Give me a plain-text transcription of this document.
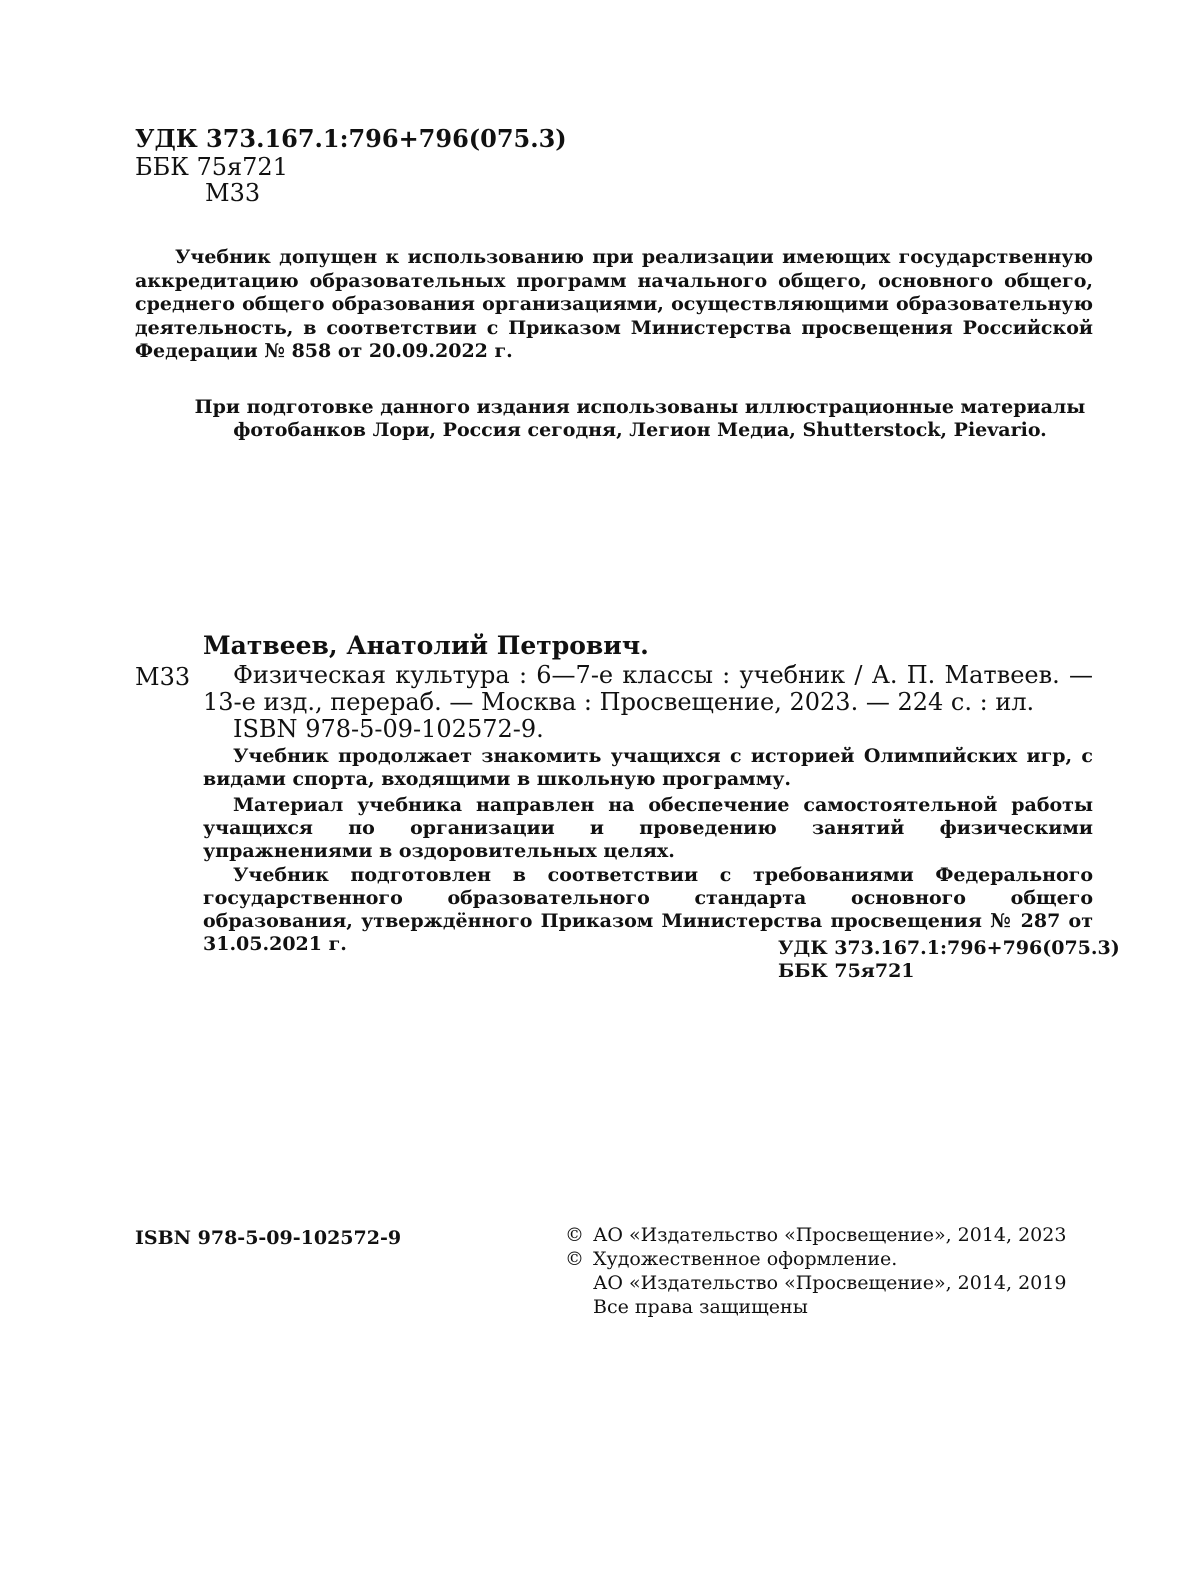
УДК 373.167.1:796+796(075.3)
ББК 75я721
М33
Учебник допущен к использованию при реализации имеющих государственную аккредитацию образовательных программ начального общего, основного общего, среднего общего образования организациями, осуществляющими образовательную деятельность, в соответствии с Приказом Министерства просвещения Российской Федерации № 858 от 20.09.2022 г.
При подготовке данного издания использованы иллюстрационные материалы
фотобанков Лори, Россия сегодня, Легион Медиа, Shutterstock, Pievario.
Матвеев, Анатолий Петрович.
М33	Физическая культура : 6—7-е классы : учебник / А. П. Матвеев. — 13-е изд., перераб. — Москва : Просвещение, 2023. — 224 с. : ил.
ISBN 978-5-09-102572-9.
Учебник продолжает знакомить учащихся с историей Олимпийских игр, с видами спорта, входящими в школьную программу.
Материал учебника направлен на обеспечение самостоятельной работы учащихся по организации и проведению занятий физическими упражнениями в оздоровительных целях.
Учебник подготовлен в соответствии с требованиями Федерального государственного образовательного стандарта основного общего образования, утверждённого Приказом Министерства просвещения № 287 от 31.05.2021 г.	УДК 373.167.1:796+796(075.3)
ББК 75я721
ISBN 978-5-09-102572-9	© АО «Издательство «Просвещение», 2014, 2023
© Художественное оформление.
АО «Издательство «Просвещение», 2014, 2019
Все права защищены
